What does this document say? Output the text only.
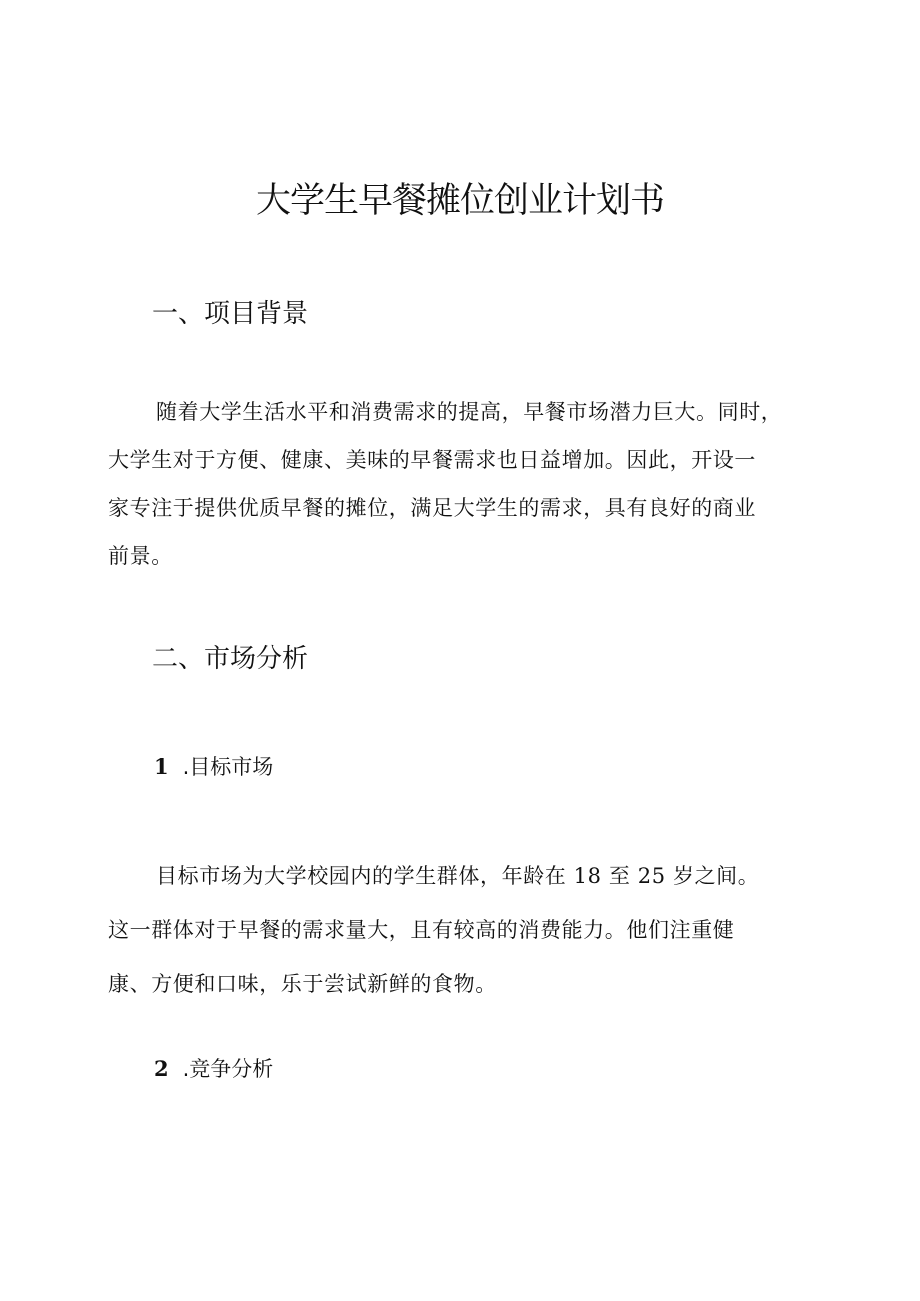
大学生早餐摊位创业计划书
一、项目背景
随着大学生活水平和消费需求的提高，早餐市场潜力巨大。同时，
大学生对于方便、健康、美味的早餐需求也日益增加。因此，开设一
家专注于提供优质早餐的摊位，满足大学生的需求，具有良好的商业
前景。
二、市场分析
1 .目标市场
目标市场为大学校园内的学生群体，年龄在 18 至 25 岁之间。
这一群体对于早餐的需求量大，且有较高的消费能力。他们注重健
康、方便和口味，乐于尝试新鲜的食物。
2 .竞争分析
